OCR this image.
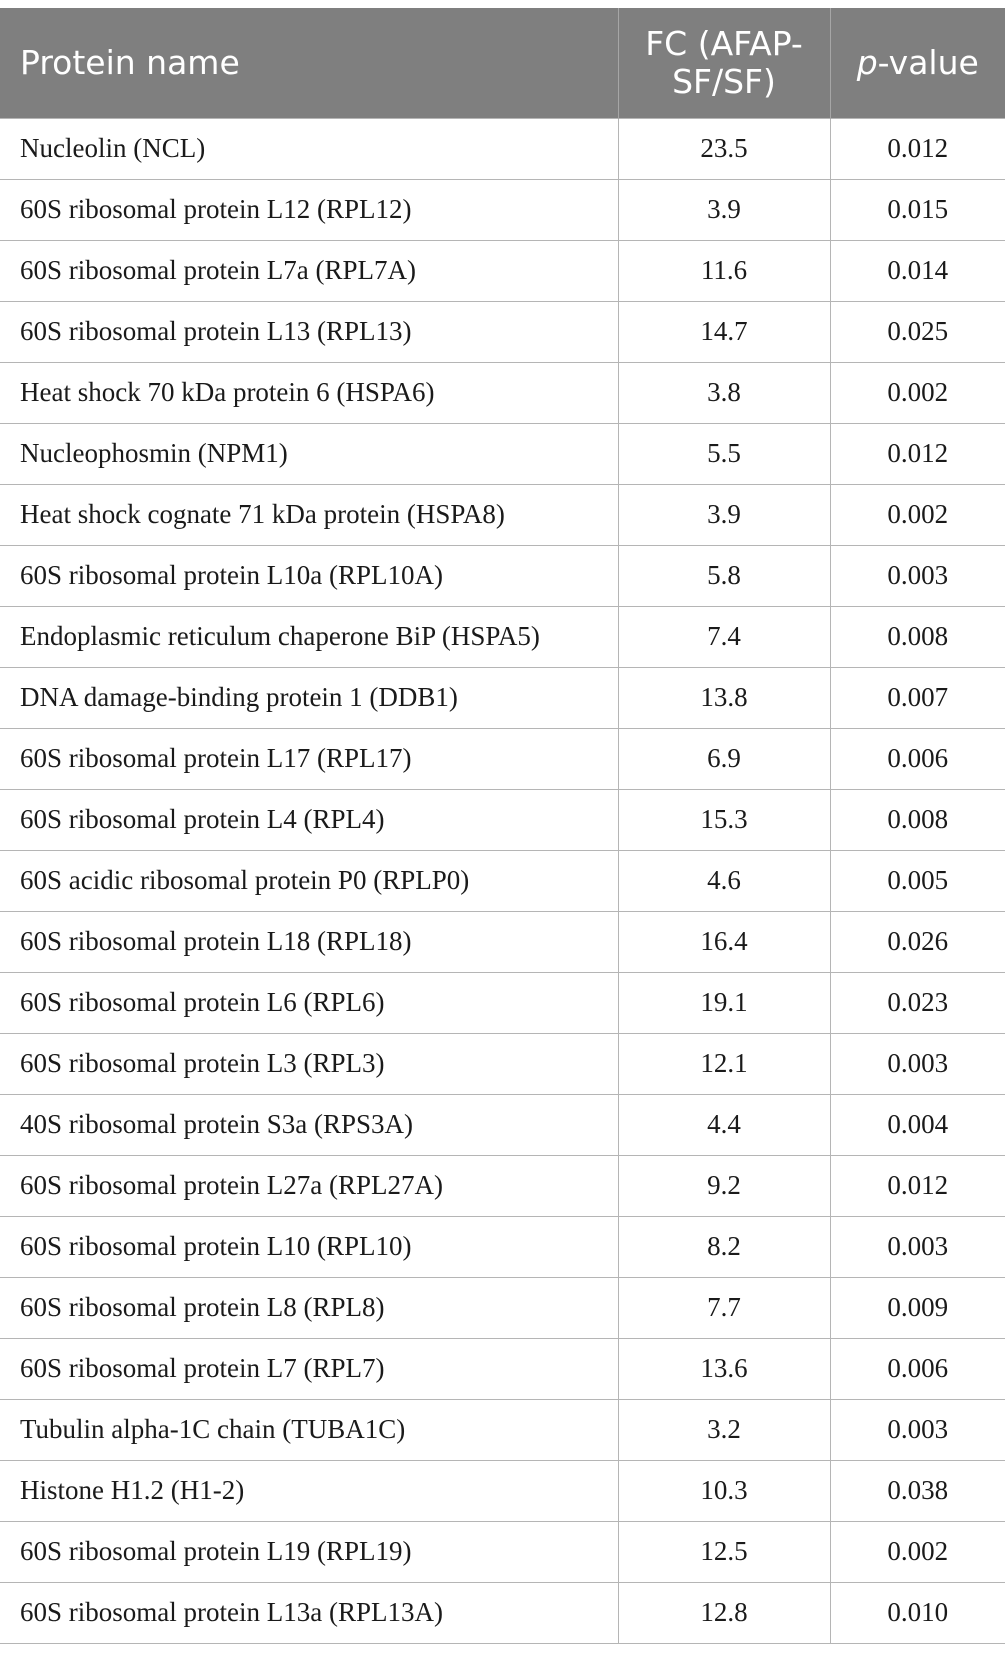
Protein name	FC (AFAP-SF/SF)	p-value
Nucleolin (NCL)	23.5	0.012
60S ribosomal protein L12 (RPL12)	3.9	0.015
60S ribosomal protein L7a (RPL7A)	11.6	0.014
60S ribosomal protein L13 (RPL13)	14.7	0.025
Heat shock 70 kDa protein 6 (HSPA6)	3.8	0.002
Nucleophosmin (NPM1)	5.5	0.012
Heat shock cognate 71 kDa protein (HSPA8)	3.9	0.002
60S ribosomal protein L10a (RPL10A)	5.8	0.003
Endoplasmic reticulum chaperone BiP (HSPA5)	7.4	0.008
DNA damage-binding protein 1 (DDB1)	13.8	0.007
60S ribosomal protein L17 (RPL17)	6.9	0.006
60S ribosomal protein L4 (RPL4)	15.3	0.008
60S acidic ribosomal protein P0 (RPLP0)	4.6	0.005
60S ribosomal protein L18 (RPL18)	16.4	0.026
60S ribosomal protein L6 (RPL6)	19.1	0.023
60S ribosomal protein L3 (RPL3)	12.1	0.003
40S ribosomal protein S3a (RPS3A)	4.4	0.004
60S ribosomal protein L27a (RPL27A)	9.2	0.012
60S ribosomal protein L10 (RPL10)	8.2	0.003
60S ribosomal protein L8 (RPL8)	7.7	0.009
60S ribosomal protein L7 (RPL7)	13.6	0.006
Tubulin alpha-1C chain (TUBA1C)	3.2	0.003
Histone H1.2 (H1-2)	10.3	0.038
60S ribosomal protein L19 (RPL19)	12.5	0.002
60S ribosomal protein L13a (RPL13A)	12.8	0.010
